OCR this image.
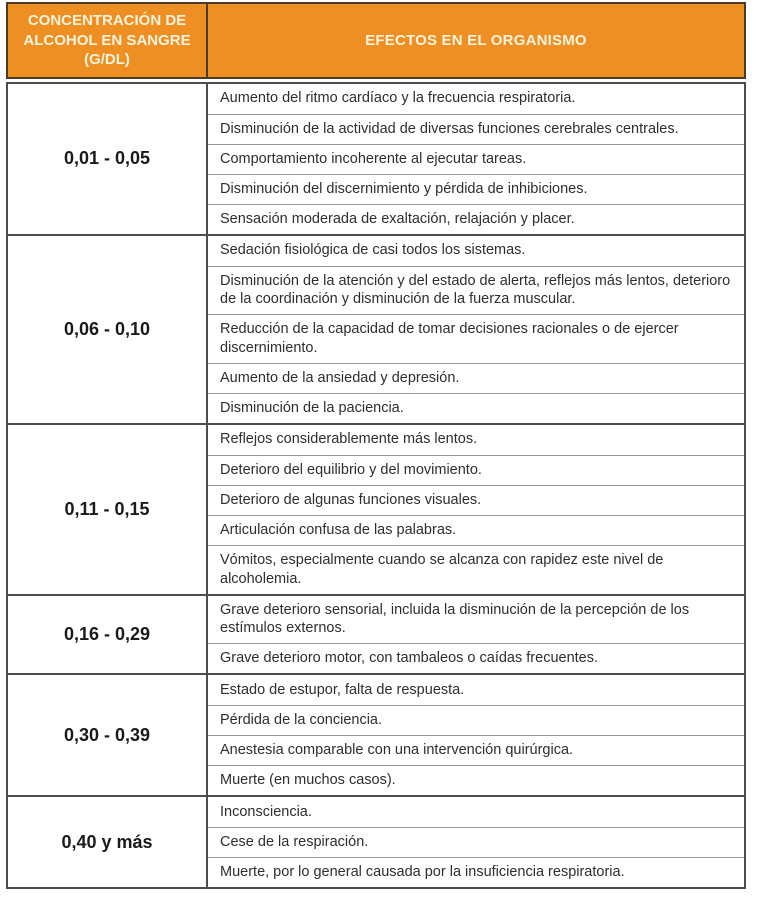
CONCENTRACIÓN DE ALCOHOL EN SANGRE (G/DL)
EFECTOS EN EL ORGANISMO
0,01 - 0,05
Aumento del ritmo cardíaco y la frecuencia respiratoria.
Disminución de la actividad de diversas funciones cerebrales centrales.
Comportamiento incoherente al ejecutar tareas.
Disminución del discernimiento y pérdida de inhibiciones.
Sensación moderada de exaltación, relajación y placer.
0,06 - 0,10
Sedación fisiológica de casi todos los sistemas.
Disminución de la atención y del estado de alerta, reflejos más lentos, deterioro de la coordinación y disminución de la fuerza muscular.
Reducción de la capacidad de tomar decisiones racionales o de ejercer discernimiento.
Aumento de la ansiedad y depresión.
Disminución de la paciencia.
0,11 - 0,15
Reflejos considerablemente más lentos.
Deterioro del equilibrio y del movimiento.
Deterioro de algunas funciones visuales.
Articulación confusa de las palabras.
Vómitos, especialmente cuando se alcanza con rapidez este nivel de alcoholemia.
0,16 - 0,29
Grave deterioro sensorial, incluida la disminución de la percepción de los estímulos externos.
Grave deterioro motor, con tambaleos o caídas frecuentes.
0,30 - 0,39
Estado de estupor, falta de respuesta.
Pérdida de la conciencia.
Anestesia comparable con una intervención quirúrgica.
Muerte (en muchos casos).
0,40 y más
Inconsciencia.
Cese de la respiración.
Muerte, por lo general causada por la insuficiencia respiratoria.
